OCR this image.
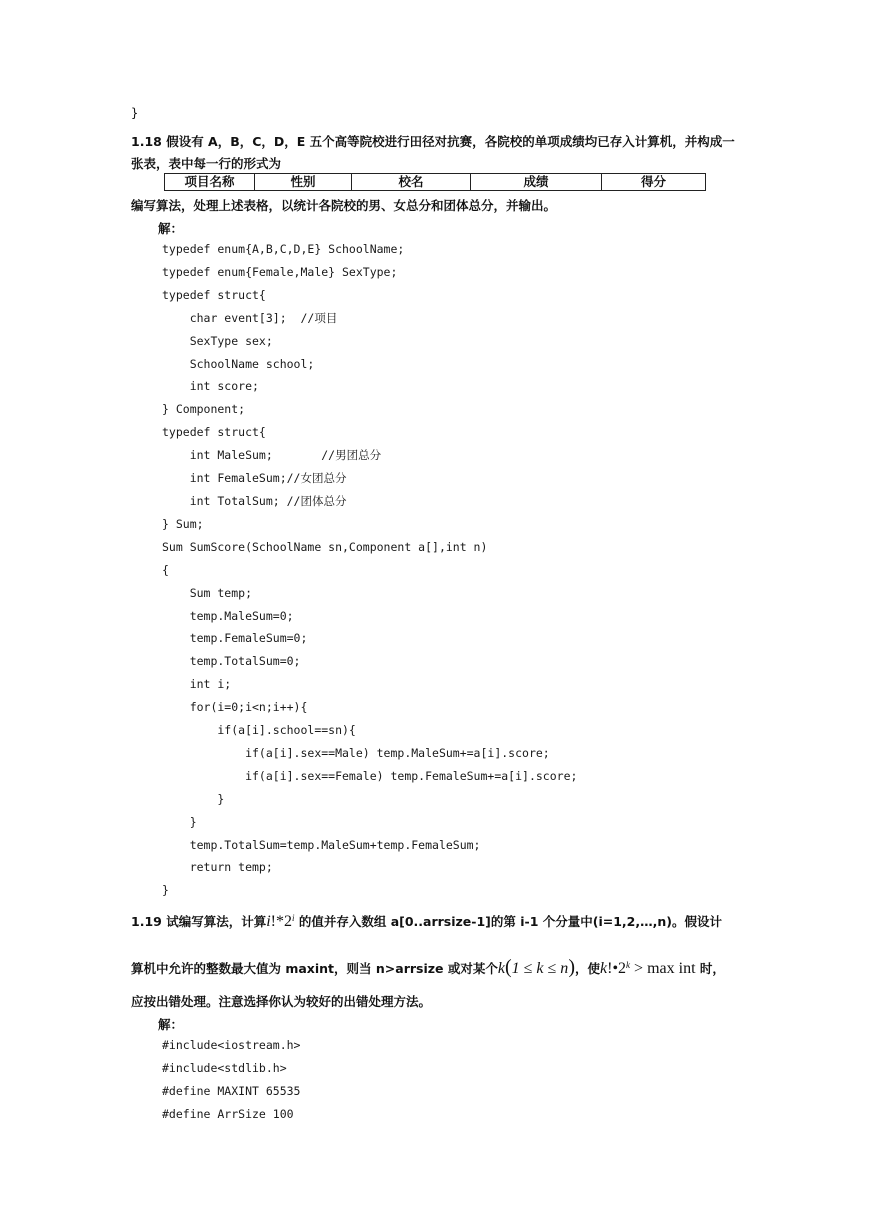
}
1.18 假设有 A，B，C，D，E 五个高等院校进行田径对抗赛，各院校的单项成绩均已存入计算机，并构成一
张表，表中每一行的形式为
项目名称	性别	校名	成绩	得分
编写算法，处理上述表格，以统计各院校的男、女总分和团体总分，并输出。
解：
typedef enum{A,B,C,D,E} SchoolName;
typedef enum{Female,Male} SexType;
typedef struct{
char event[3];  //项目
SexType sex;
SchoolName school;
int score;
} Component;
typedef struct{
int MaleSum;       //男团总分
int FemaleSum;//女团总分
int TotalSum; //团体总分
} Sum;
Sum SumScore(SchoolName sn,Component a[],int n)
{
Sum temp;
temp.MaleSum=0;
temp.FemaleSum=0;
temp.TotalSum=0;
int i;
for(i=0;i<n;i++){
if(a[i].school==sn){
if(a[i].sex==Male) temp.MaleSum+=a[i].score;
if(a[i].sex==Female) temp.FemaleSum+=a[i].score;
}
}
temp.TotalSum=temp.MaleSum+temp.FemaleSum;
return temp;
}
1.19 试编写算法，计算i!*2$^i$ 的值并存入数组 a[0..arrsize-1]的第 i-1 个分量中(i=1,2,…,n)。假设计
算机中允许的整数最大值为 maxint，则当 n>arrsize 或对某个k(1 ≤ k ≤ n)，使$k!•2^k > \max$ int 时，
应按出错处理。注意选择你认为较好的出错处理方法。
解：
#include<iostream.h>
#include<stdlib.h>
#define MAXINT 65535
#define ArrSize 100
